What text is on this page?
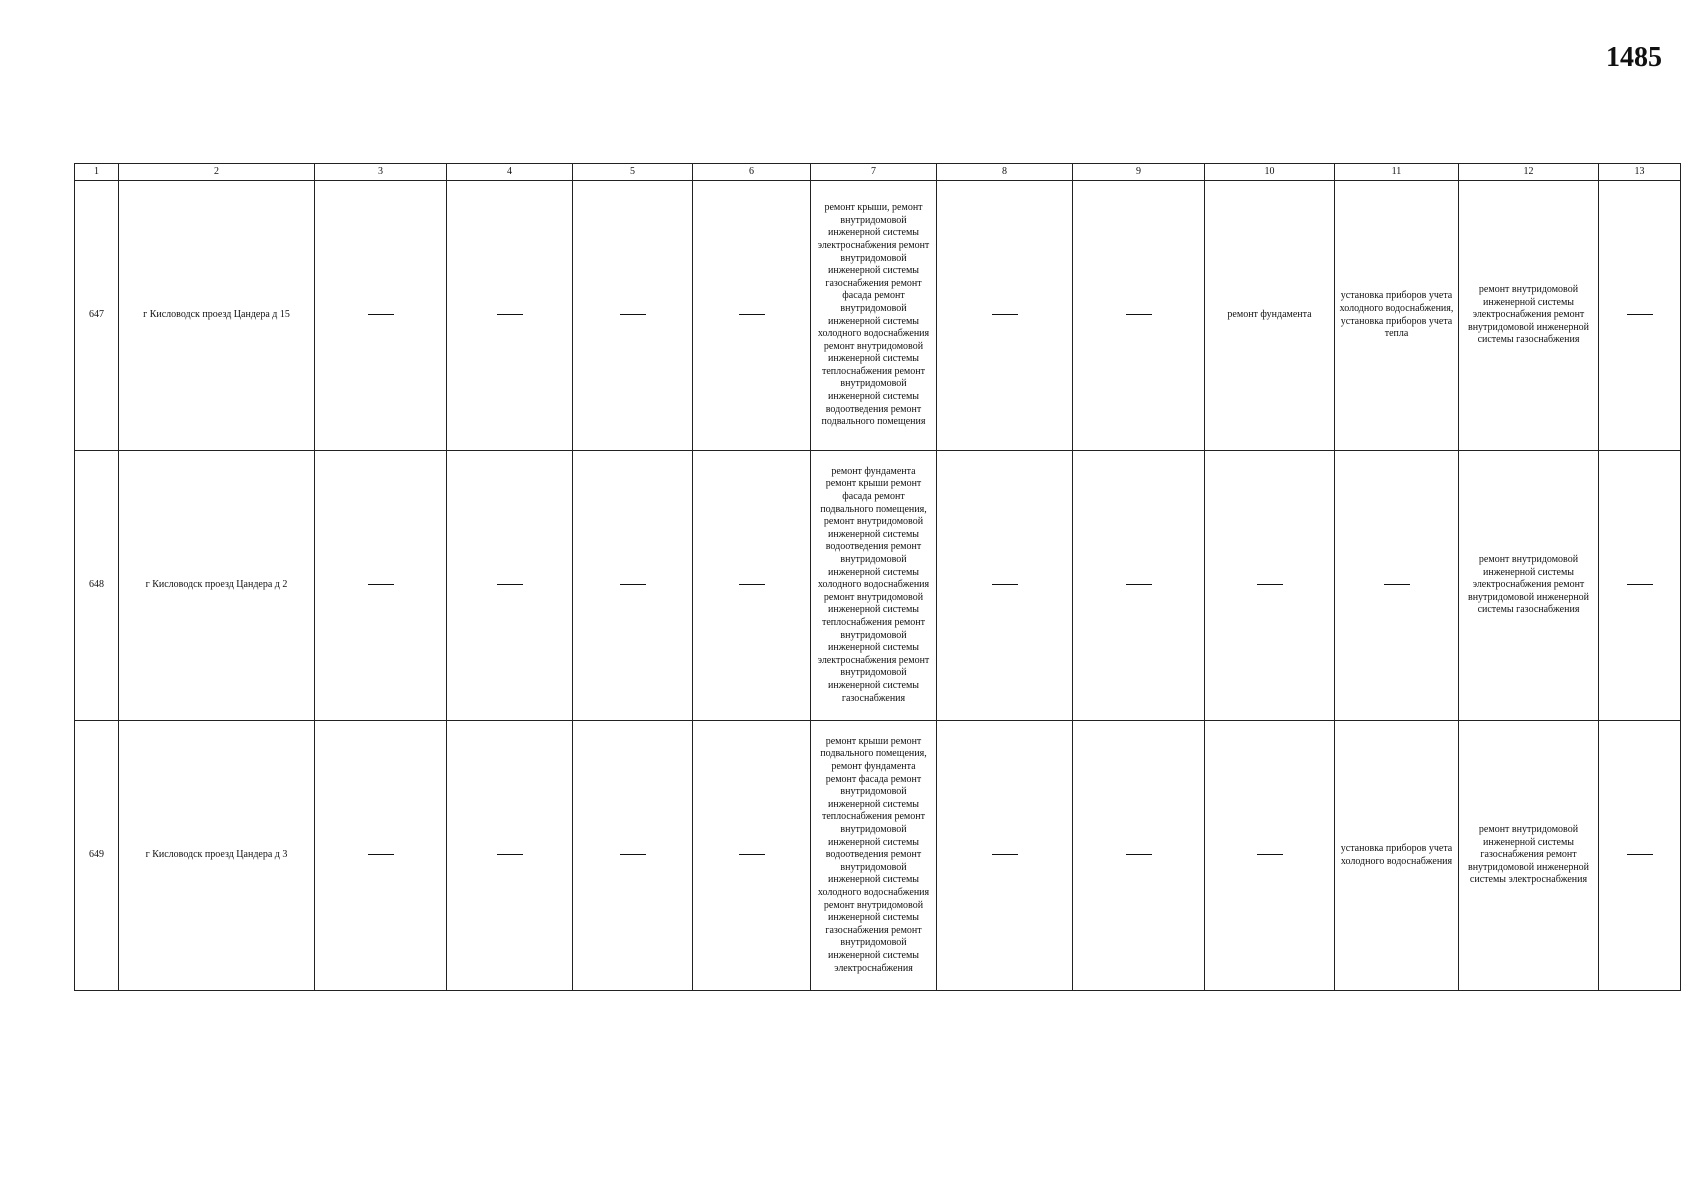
1485
1	2	3	4	5	6	7	8	9	10	11	12	13
647	г Кисловодск проезд Цандера д 15					ремонт крыши, ремонт внутридомовой инженерной системы электроснабжения ремонт внутридомовой инженерной системы газоснабжения ремонт фасада ремонт внутридомовой инженерной системы холодного водоснабжения ремонт внутридомовой инженерной системы теплоснабжения ремонт внутридомовой инженерной системы водоотведения ремонт подвального помещения			ремонт фундамента	установка приборов учета холодного водоснабжения, установка приборов учета тепла	ремонт внутридомовой инженерной системы электроснабжения ремонт внутридомовой инженерной системы газоснабжения	
648	г Кисловодск проезд Цандера д 2					ремонт фундамента ремонт крыши ремонт фасада ремонт подвального помещения, ремонт внутридомовой инженерной системы водоотведения ремонт внутридомовой инженерной системы холодного водоснабжения ремонт внутридомовой инженерной системы теплоснабжения ремонт внутридомовой инженерной системы электроснабжения ремонт внутридомовой инженерной системы газоснабжения					ремонт внутридомовой инженерной системы электроснабжения ремонт внутридомовой инженерной системы газоснабжения	
649	г Кисловодск проезд Цандера д 3					ремонт крыши ремонт подвального помещения, ремонт фундамента ремонт фасада ремонт внутридомовой инженерной системы теплоснабжения ремонт внутридомовой инженерной системы водоотведения ремонт внутридомовой инженерной системы холодного водоснабжения ремонт внутридомовой инженерной системы газоснабжения ремонт внутридомовой инженерной системы электроснабжения				установка приборов учета холодного водоснабжения	ремонт внутридомовой инженерной системы газоснабжения ремонт внутридомовой инженерной системы электроснабжения	
